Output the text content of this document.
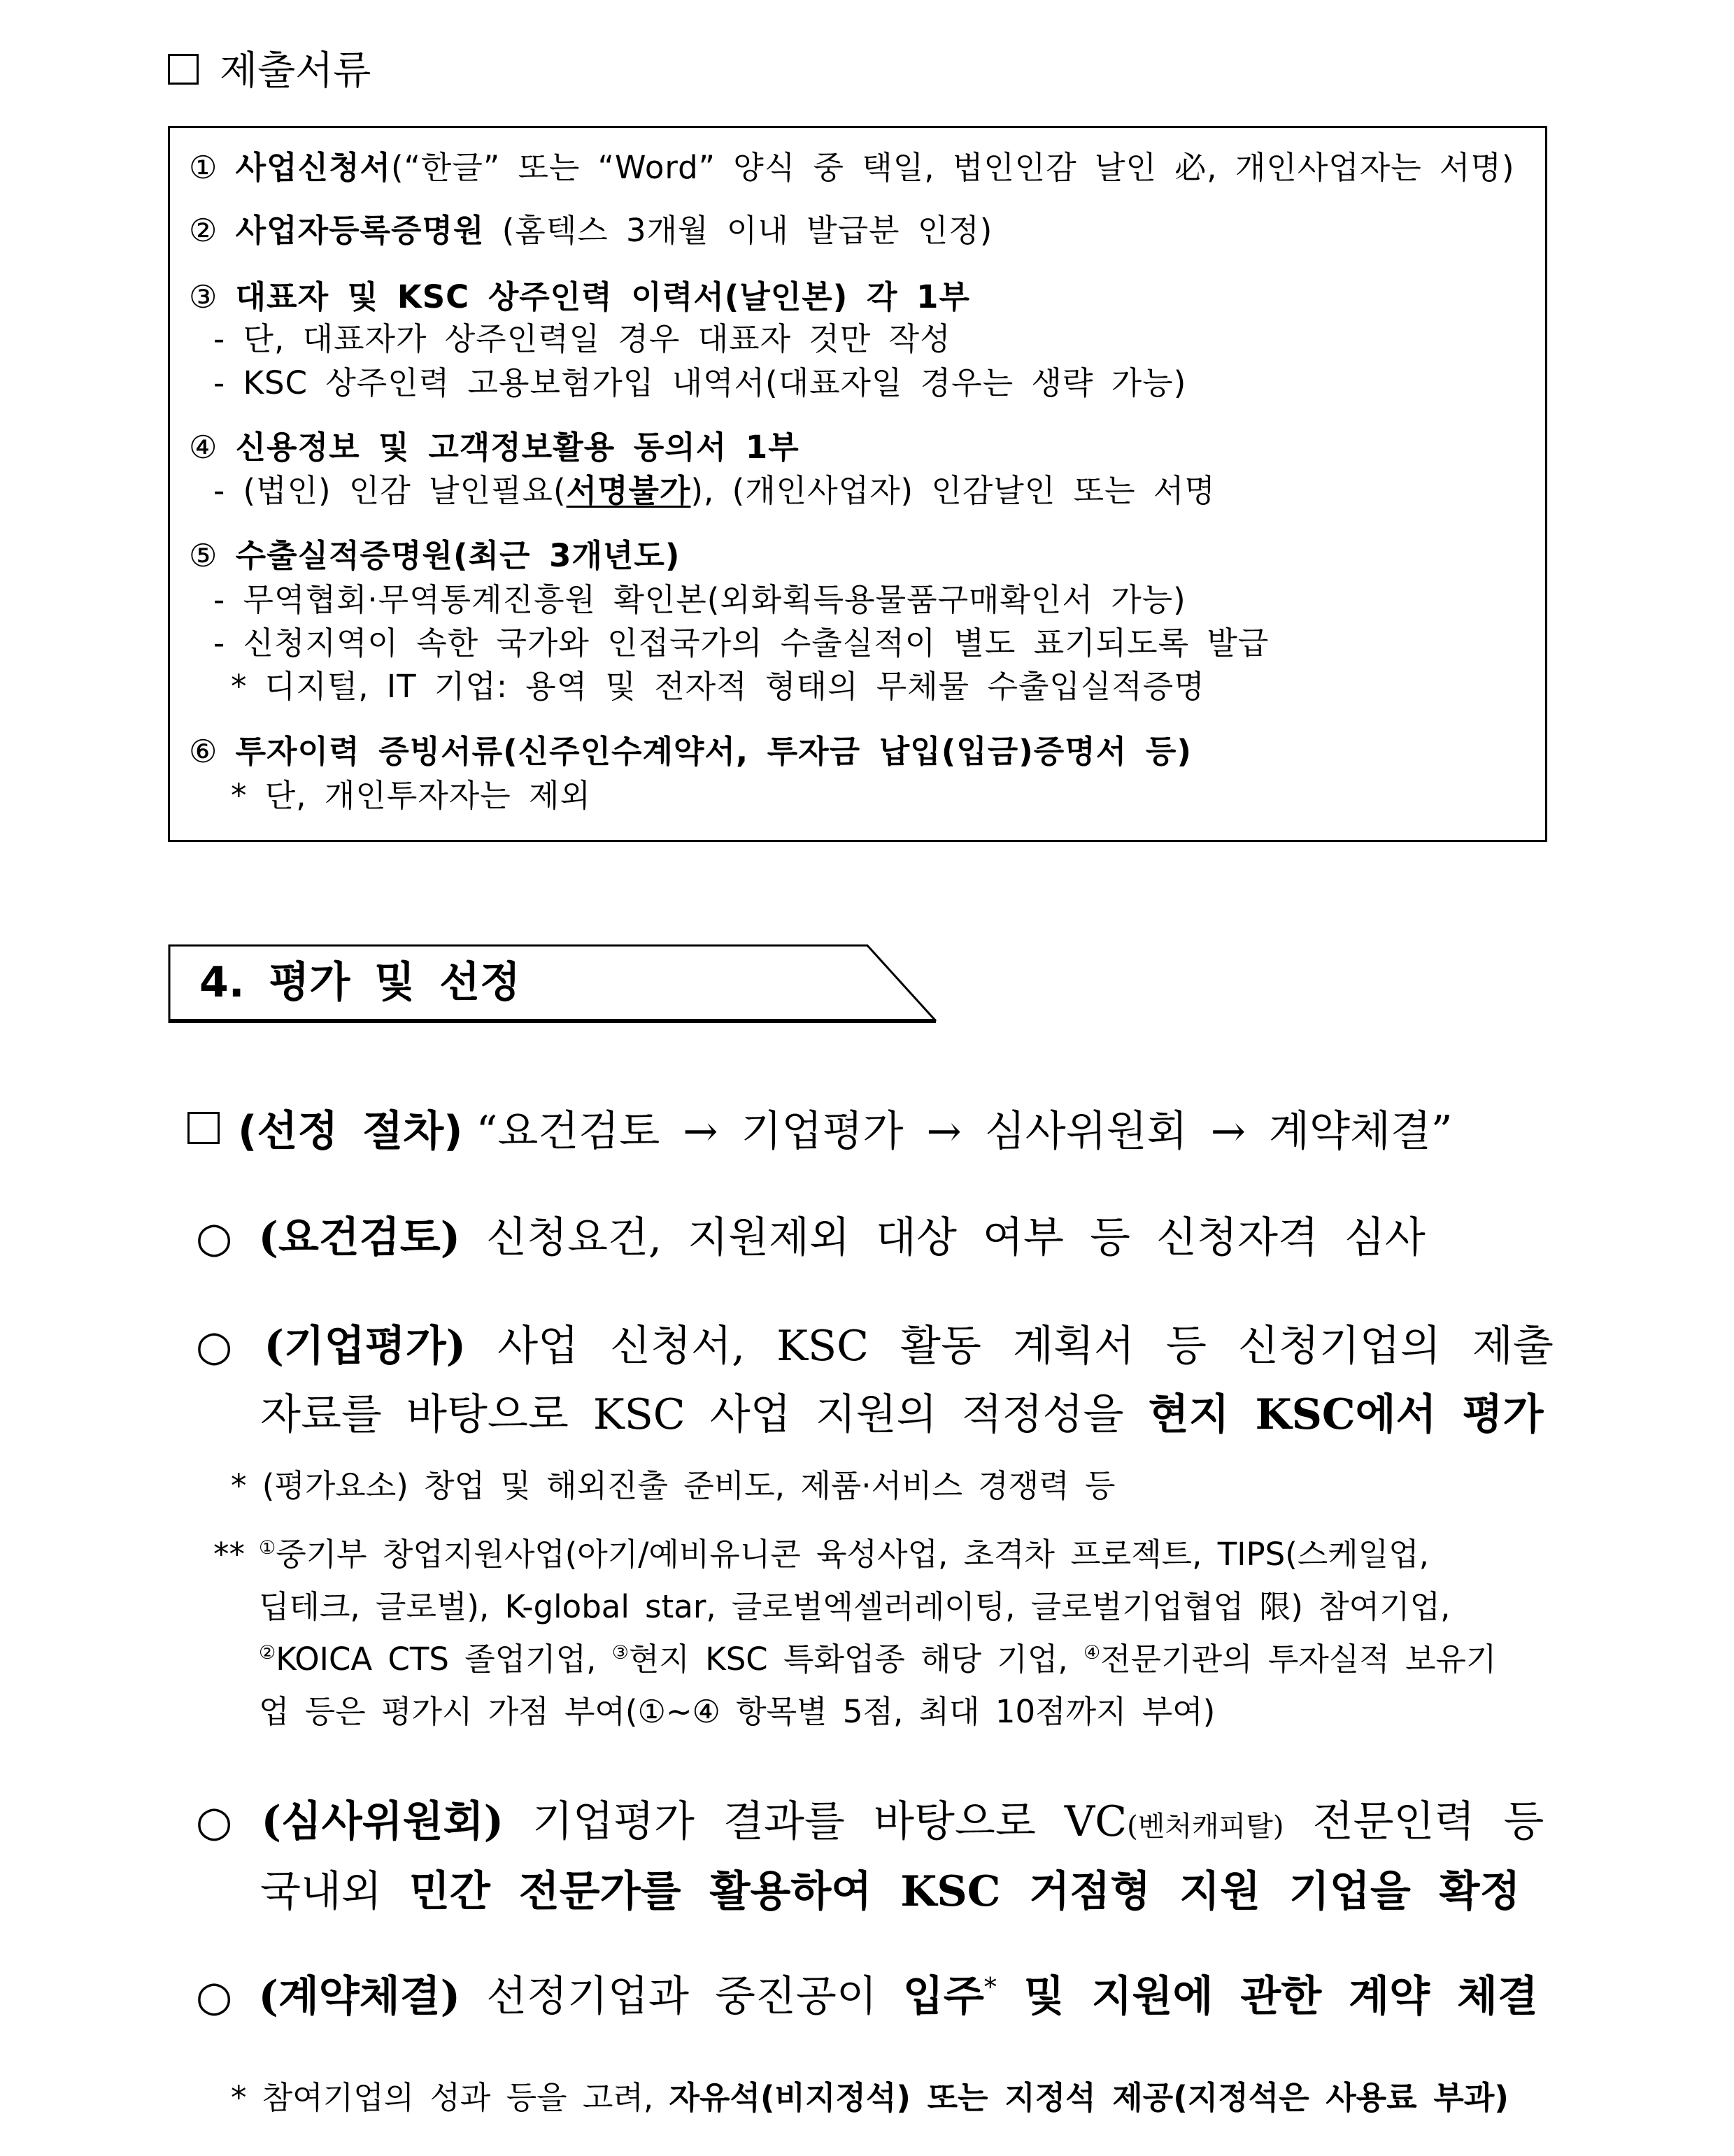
제출서류
① 사업신청서(“한글” 또는 “Word” 양식 중 택일, 법인인감 날인 必, 개인사업자는 서명)
② 사업자등록증명원 (홈텍스 3개월 이내 발급분 인정)
③ 대표자 및 KSC 상주인력 이력서(날인본) 각 1부
- 단, 대표자가 상주인력일 경우 대표자 것만 작성
- KSC 상주인력 고용보험가입 내역서(대표자일 경우는 생략 가능)
④ 신용정보 및 고객정보활용 동의서 1부
- (법인) 인감 날인필요(서명불가), (개인사업자) 인감날인 또는 서명
⑤ 수출실적증명원(최근 3개년도)
- 무역협회·무역통계진흥원 확인본(외화획득용물품구매확인서 가능)
- 신청지역이 속한 국가와 인접국가의 수출실적이 별도 표기되도록 발급
* 디지털, IT 기업: 용역 및 전자적 형태의 무체물 수출입실적증명
⑥ 투자이력 증빙서류(신주인수계약서, 투자금 납입(입금)증명서 등)
* 단, 개인투자자는 제외
4. 평가 및 선정
(선정 절차) “요건검토 → 기업평가 → 심사위원회 → 계약체결”
○ (요건검토) 신청요건, 지원제외 대상 여부 등 신청자격 심사
○ (기업평가) 사업 신청서, KSC 활동 계획서 등 신청기업의 제출
자료를 바탕으로 KSC 사업 지원의 적정성을 현지 KSC에서 평가
* (평가요소) 창업 및 해외진출 준비도, 제품·서비스 경쟁력 등
** ①중기부 창업지원사업(아기/예비유니콘 육성사업, 초격차 프로젝트, TIPS(스케일업,
딥테크, 글로벌), K-global star, 글로벌엑셀러레이팅, 글로벌기업협업 限) 참여기업,
②KOICA CTS 졸업기업, ③현지 KSC 특화업종 해당 기업, ④전문기관의 투자실적 보유기
업 등은 평가시 가점 부여(①~④ 항목별 5점, 최대 10점까지 부여)
○ (심사위원회) 기업평가 결과를 바탕으로 VC(벤처캐피탈) 전문인력 등
국내외 민간 전문가를 활용하여 KSC 거점형 지원 기업을 확정
○ (계약체결) 선정기업과 중진공이 입주* 및 지원에 관한 계약 체결
* 참여기업의 성과 등을 고려, 자유석(비지정석) 또는 지정석 제공(지정석은 사용료 부과)
